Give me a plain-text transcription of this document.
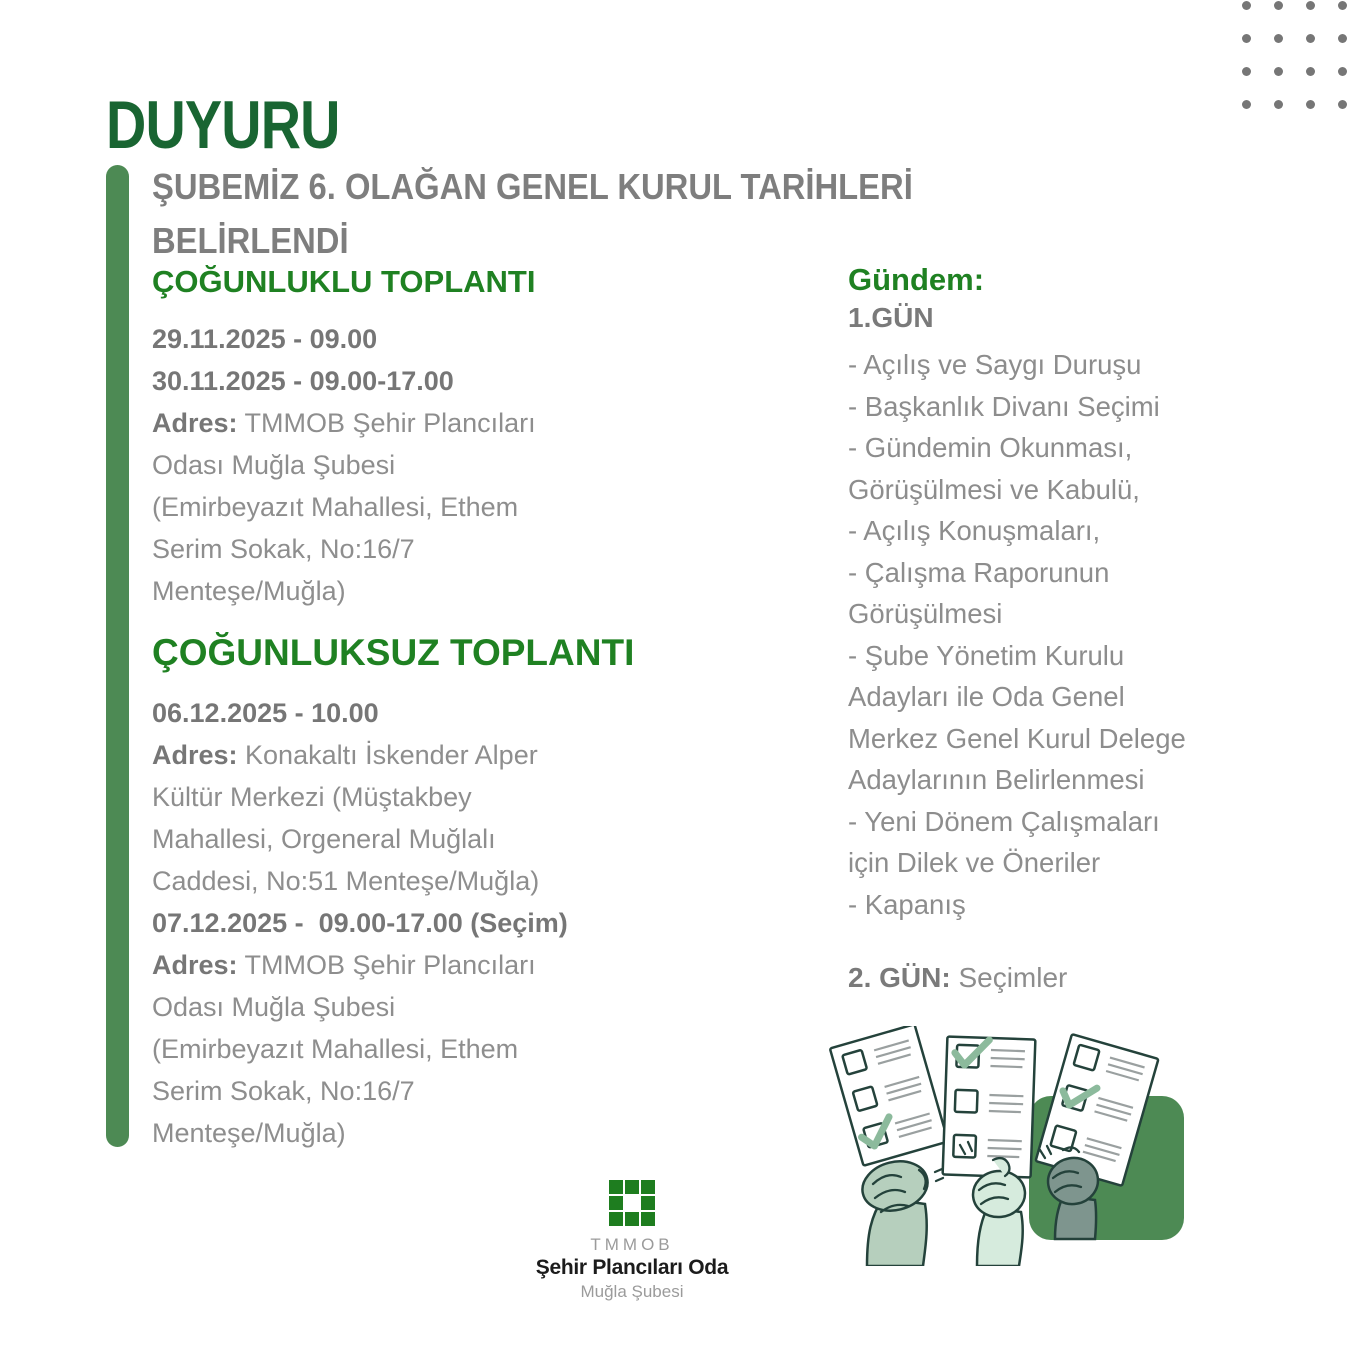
DUYURU
ŞUBEMİZ 6. OLAĞAN GENEL KURUL TARİHLERİ
BELİRLENDİ
ÇOĞUNLUKLU TOPLANTI
29.11.2025 - 09.00
30.11.2025 - 09.00-17.00
Adres: TMMOB Şehir Plancıları
Odası Muğla Şubesi
(Emirbeyazıt Mahallesi, Ethem
Serim Sokak, No:16/7
Menteşe/Muğla)
ÇOĞUNLUKSUZ TOPLANTI
06.12.2025 - 10.00
Adres: Konakaltı İskender Alper
Kültür Merkezi (Müştakbey
Mahallesi, Orgeneral Muğlalı
Caddesi, No:51 Menteşe/Muğla)
07.12.2025 -  09.00-17.00 (Seçim)
Adres: TMMOB Şehir Plancıları
Odası Muğla Şubesi
(Emirbeyazıt Mahallesi, Ethem
Serim Sokak, No:16/7
Menteşe/Muğla)
Gündem:
1.GÜN
- Açılış ve Saygı Duruşu
- Başkanlık Divanı Seçimi
- Gündemin Okunması,
Görüşülmesi ve Kabulü,
- Açılış Konuşmaları,
- Çalışma Raporunun
Görüşülmesi
- Şube Yönetim Kurulu
Adayları ile Oda Genel
Merkez Genel Kurul Delege
Adaylarının Belirlenmesi
- Yeni Dönem Çalışmaları
için Dilek ve Öneriler
- Kapanış
2. GÜN: Seçimler
TMMOB
Şehir Plancıları Oda
Muğla Şubesi
